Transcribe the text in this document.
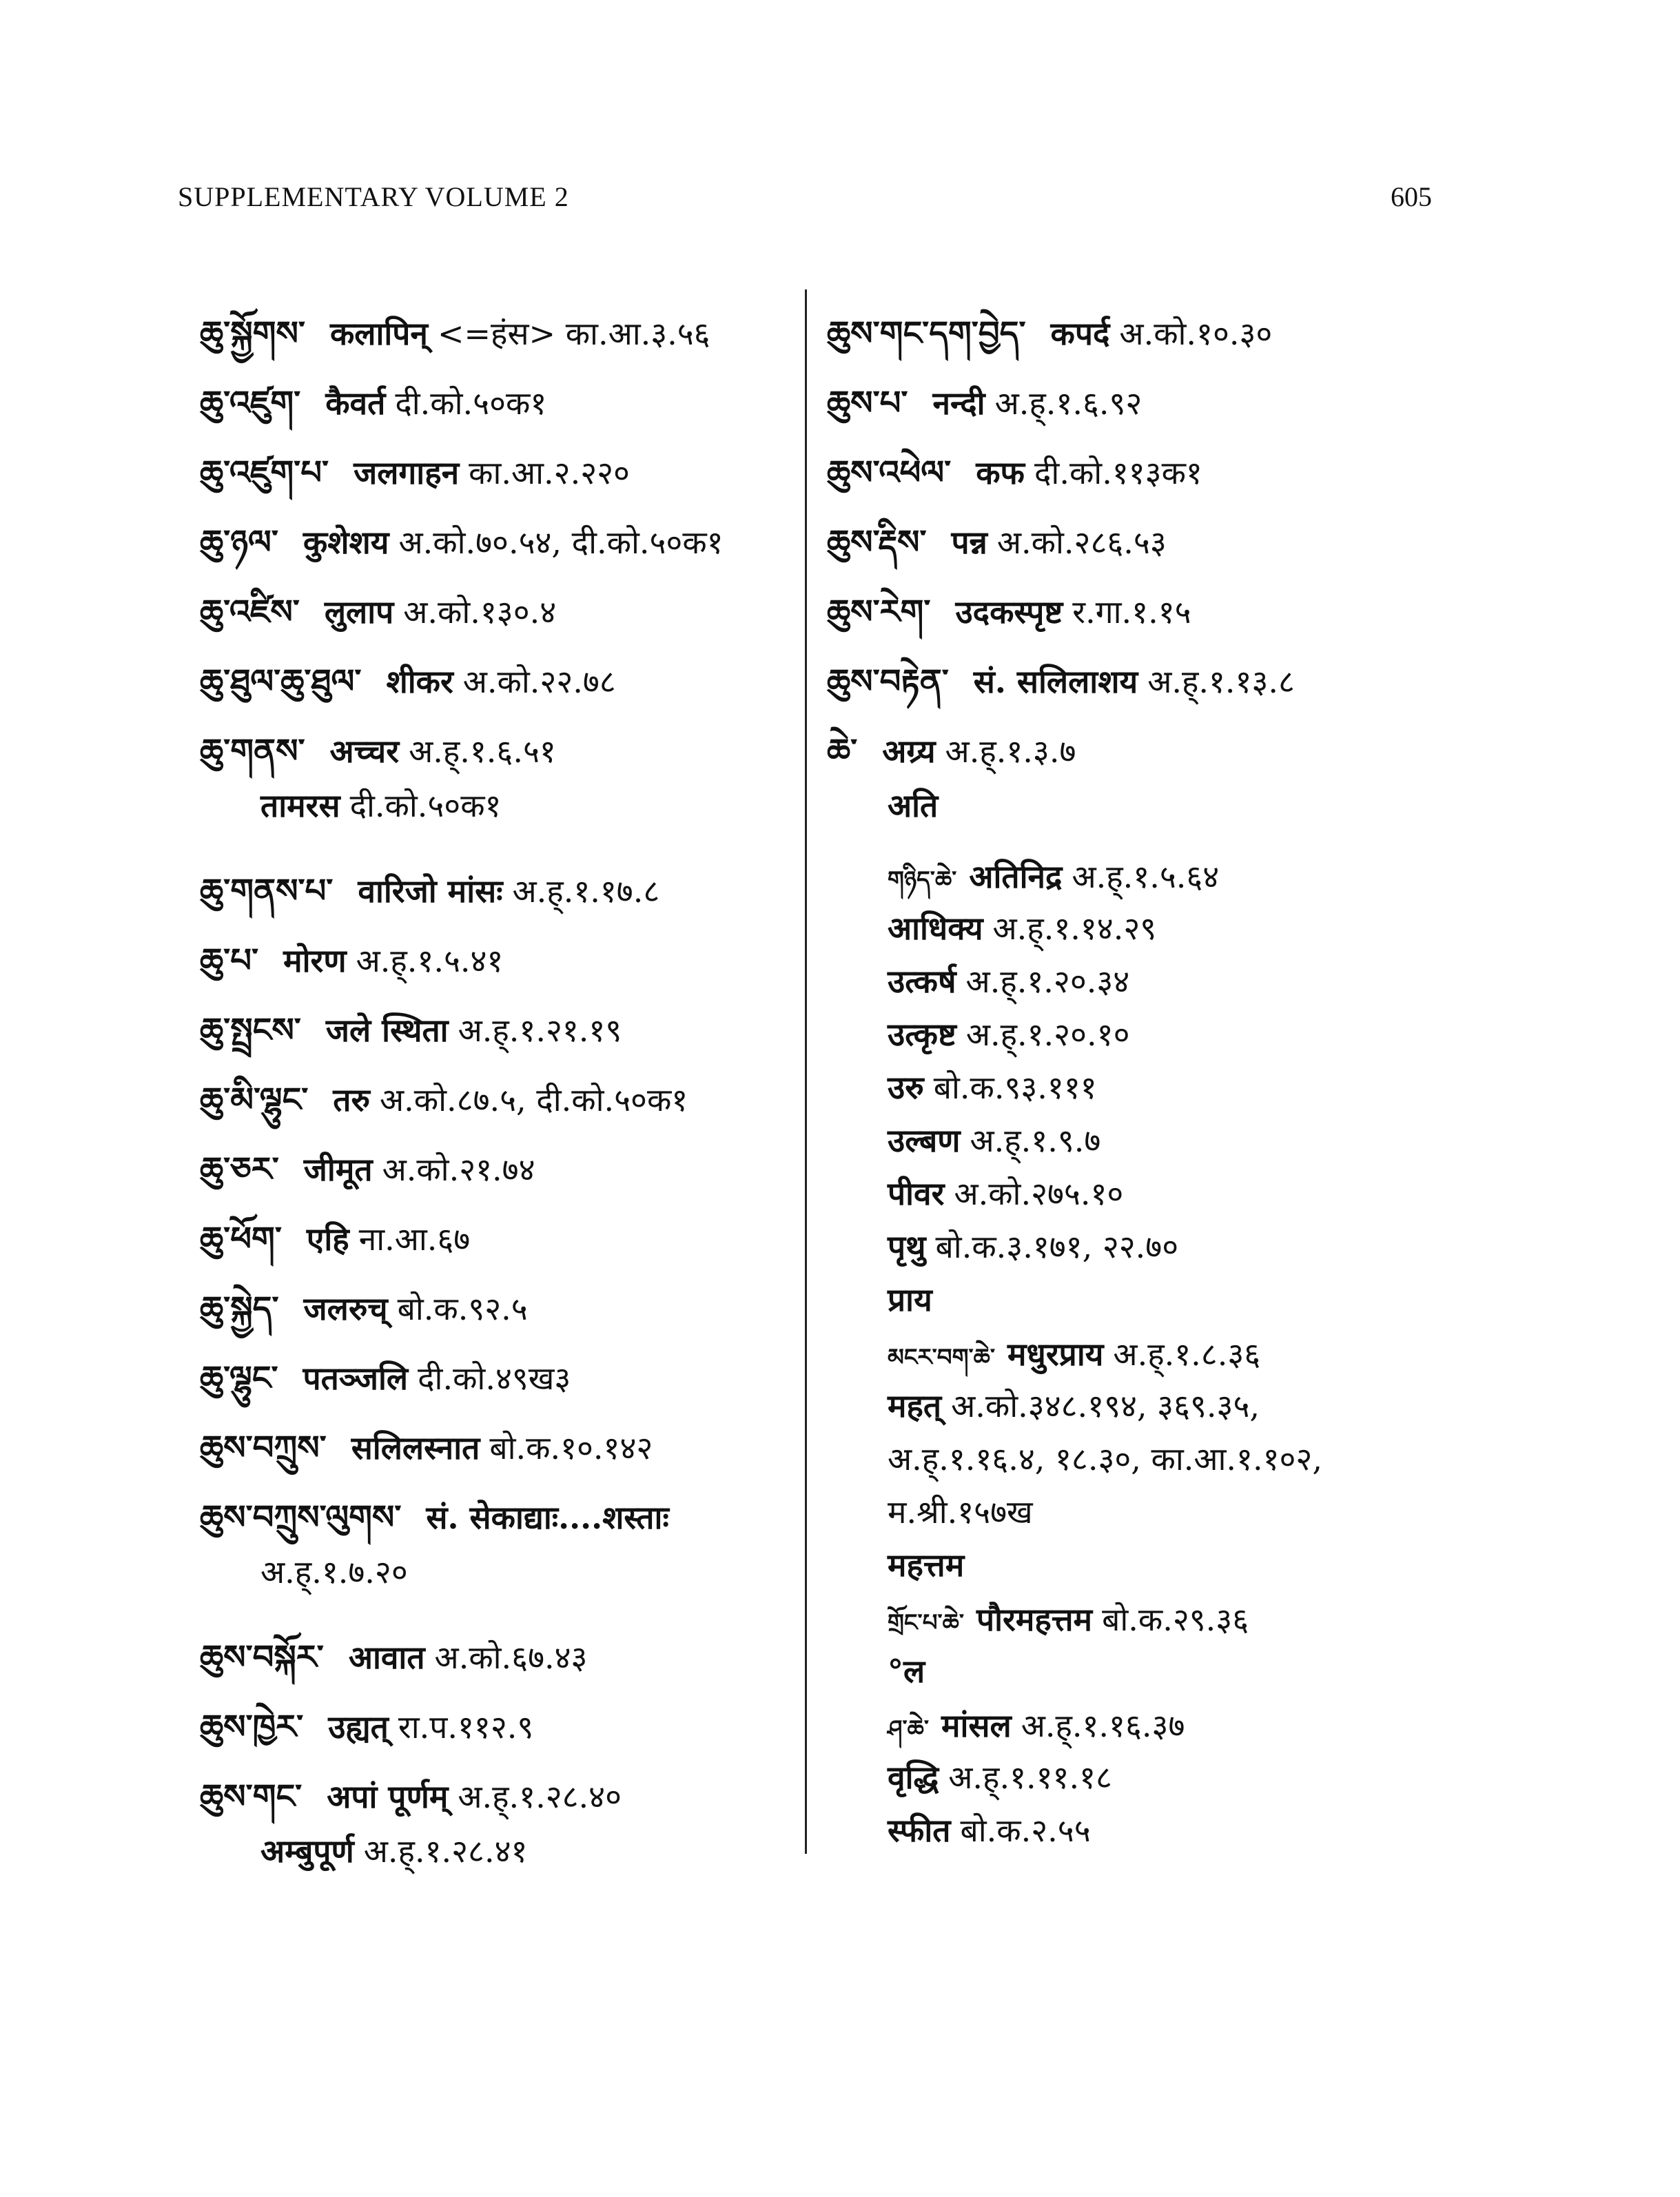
SUPPLEMENTARY VOLUME 2	605
ཆུ་སྐྱོགས་ कलापिन् <=हंस> का.आ.३.५६
ཆུ་འཛུག་ कैवर्त दी.को.५०क१
ཆུ་འཛུག་པ་ जलगाहन का.आ.२.२२०
ཆུ་ཉལ་ कुशेशय अ.को.७०.५४, दी.को.५०क१
ཆུ་འཛིས་ लुलाप अ.को.१३०.४
ཆུ་ཐུལ་ཆུ་ཐུལ་ शीकर अ.को.२२.७८
ཆུ་གནས་ अच्चर अ.ह्.१.६.५१
तामरस दी.को.५०क१
ཆུ་གནས་པ་ वारिजो मांसः अ.ह्.१.१७.८
ཆུ་པ་ मोरण अ.ह्.१.५.४१
ཆུ་སྤྲངས་ जले स्थिता अ.ह्.१.२१.१९
ཆུ་མི་ལྷུང་ तरु अ.को.८७.५, दी.को.५०क१
ཆུ་ཅར་ जीमूत अ.को.२१.७४
ཆུ་ཕོག་ एहि ना.आ.६७
ཆུ་སྐྱེད་ जलरुच् बो.क.९२.५
ཆུ་ལྷུང་ पतञ्जलि दी.को.४९ख३
ཆུས་བཀྲུས་ सलिलस्नात बो.क.१०.१४२
ཆུས་བཀྲུས་ལུགས་ सं. सेकाद्याः....शस्ताः
अ.ह्.१.७.२०
ཆུས་བསྐོར་ आवात अ.को.६७.४३
ཆུས་ཁྱེར་ उह्यत् रा.प.११२.९
ཆུས་གང་ अपां पूर्णम् अ.ह्.१.२८.४०
अम्बुपूर्ण अ.ह्.१.२८.४१
ཆུས་གང་དག་བྱེད་ कपर्द अ.को.१०.३०
ཆུས་པ་ नन्दी अ.ह्.१.६.९२
ཆུས་འཕེལ་ कफ दी.को.११३क१
ཆུས་རྡིས་ पन्न अ.को.२८६.५३
ཆུས་རེག་ उदकस्पृष्ट र.गा.१.१५
ཆུས་བརྟེན་ सं. सलिलाशय अ.ह्.१.१३.८
ཆེ་ अग्र्य अ.ह्.१.३.७
अति
གཉིད་ཆེ་ अतिनिद्र अ.ह्.१.५.६४
आधिक्य अ.ह्.१.१४.२९
उत्कर्ष अ.ह्.१.२०.३४
उत्कृष्ट अ.ह्.१.२०.१०
उरु बो.क.९३.१११
उल्बण अ.ह्.१.९.७
पीवर अ.को.२७५.१०
पृथु बो.क.३.१७१, २२.७०
प्राय
མངར་བག་ཆེ་ मधुरप्राय अ.ह्.१.८.३६
महत् अ.को.३४८.१९४, ३६९.३५,
अ.ह्.१.१६.४, १८.३०, का.आ.१.१०२,
म.श्री.१५७ख
महत्तम
གྲོང་པ་ཆེ་ पौरमहत्तम बो.क.२९.३६
°ल
ཤ་ཆེ་ मांसल अ.ह्.१.१६.३७
वृद्धि अ.ह्.१.११.१८
स्फीत बो.क.२.५५
